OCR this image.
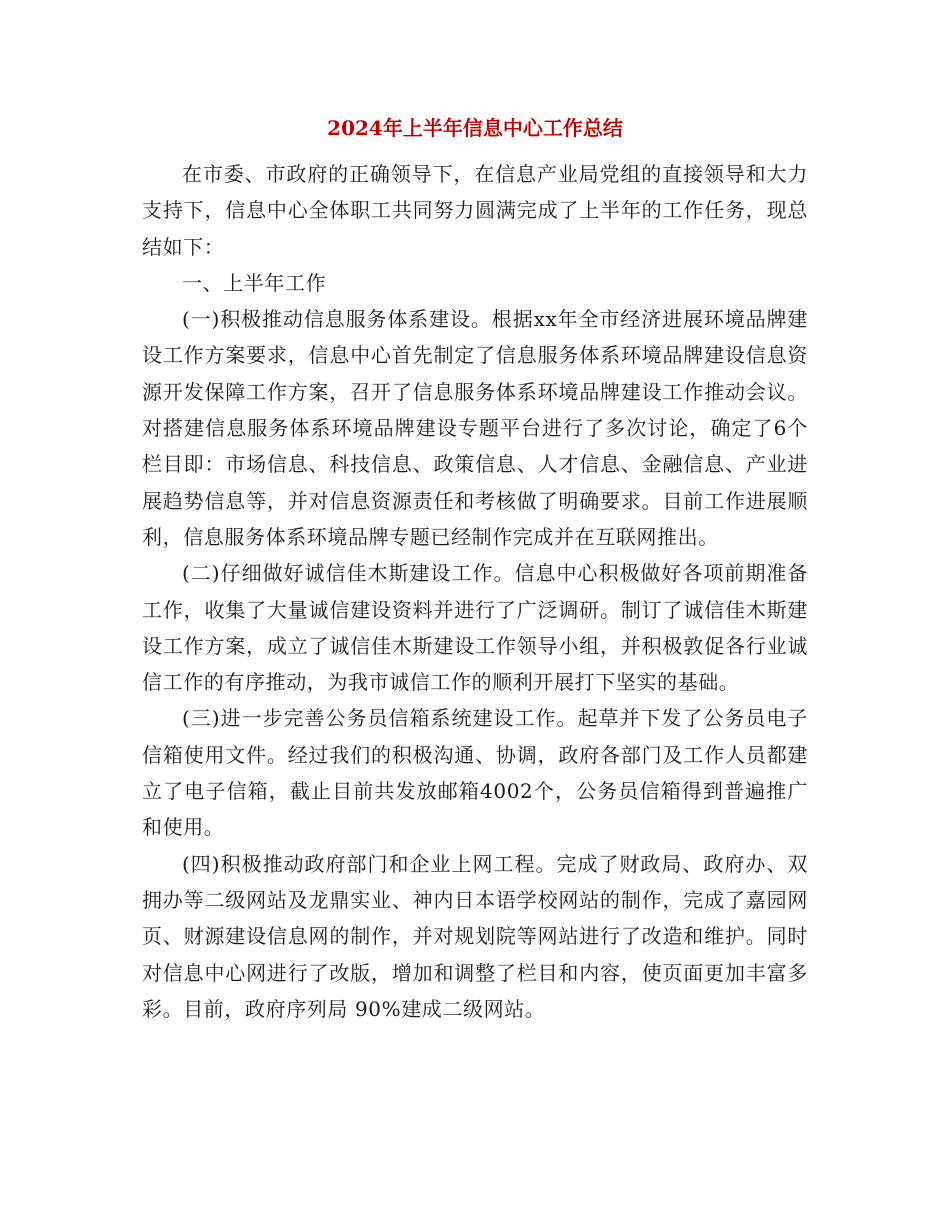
2024年上半年信息中心工作总结

在市委、市政府的正确领导下，在信息产业局党组的直接领导和大力支持下，信息中心全体职工共同努力圆满完成了上半年的工作任务，现总结如下：

一、上半年工作

(一)积极推动信息服务体系建设。根据xx年全市经济进展环境品牌建设工作方案要求，信息中心首先制定了信息服务体系环境品牌建设信息资源开发保障工作方案，召开了信息服务体系环境品牌建设工作推动会议。对搭建信息服务体系环境品牌建设专题平台进行了多次讨论，确定了6个栏目即：市场信息、科技信息、政策信息、人才信息、金融信息、产业进展趋势信息等，并对信息资源责任和考核做了明确要求。目前工作进展顺利，信息服务体系环境品牌专题已经制作完成并在互联网推出。

(二)仔细做好诚信佳木斯建设工作。信息中心积极做好各项前期准备工作，收集了大量诚信建设资料并进行了广泛调研。制订了诚信佳木斯建设工作方案，成立了诚信佳木斯建设工作领导小组，并积极敦促各行业诚信工作的有序推动，为我市诚信工作的顺利开展打下坚实的基础。

(三)进一步完善公务员信箱系统建设工作。起草并下发了公务员电子信箱使用文件。经过我们的积极沟通、协调，政府各部门及工作人员都建立了电子信箱，截止目前共发放邮箱4002个，公务员信箱得到普遍推广和使用。

(四)积极推动政府部门和企业上网工程。完成了财政局、政府办、双拥办等二级网站及龙鼎实业、神内日本语学校网站的制作，完成了嘉园网页、财源建设信息网的制作，并对规划院等网站进行了改造和维护。同时对信息中心网进行了改版，增加和调整了栏目和内容，使页面更加丰富多彩。目前，政府序列局 90%建成二级网站。
